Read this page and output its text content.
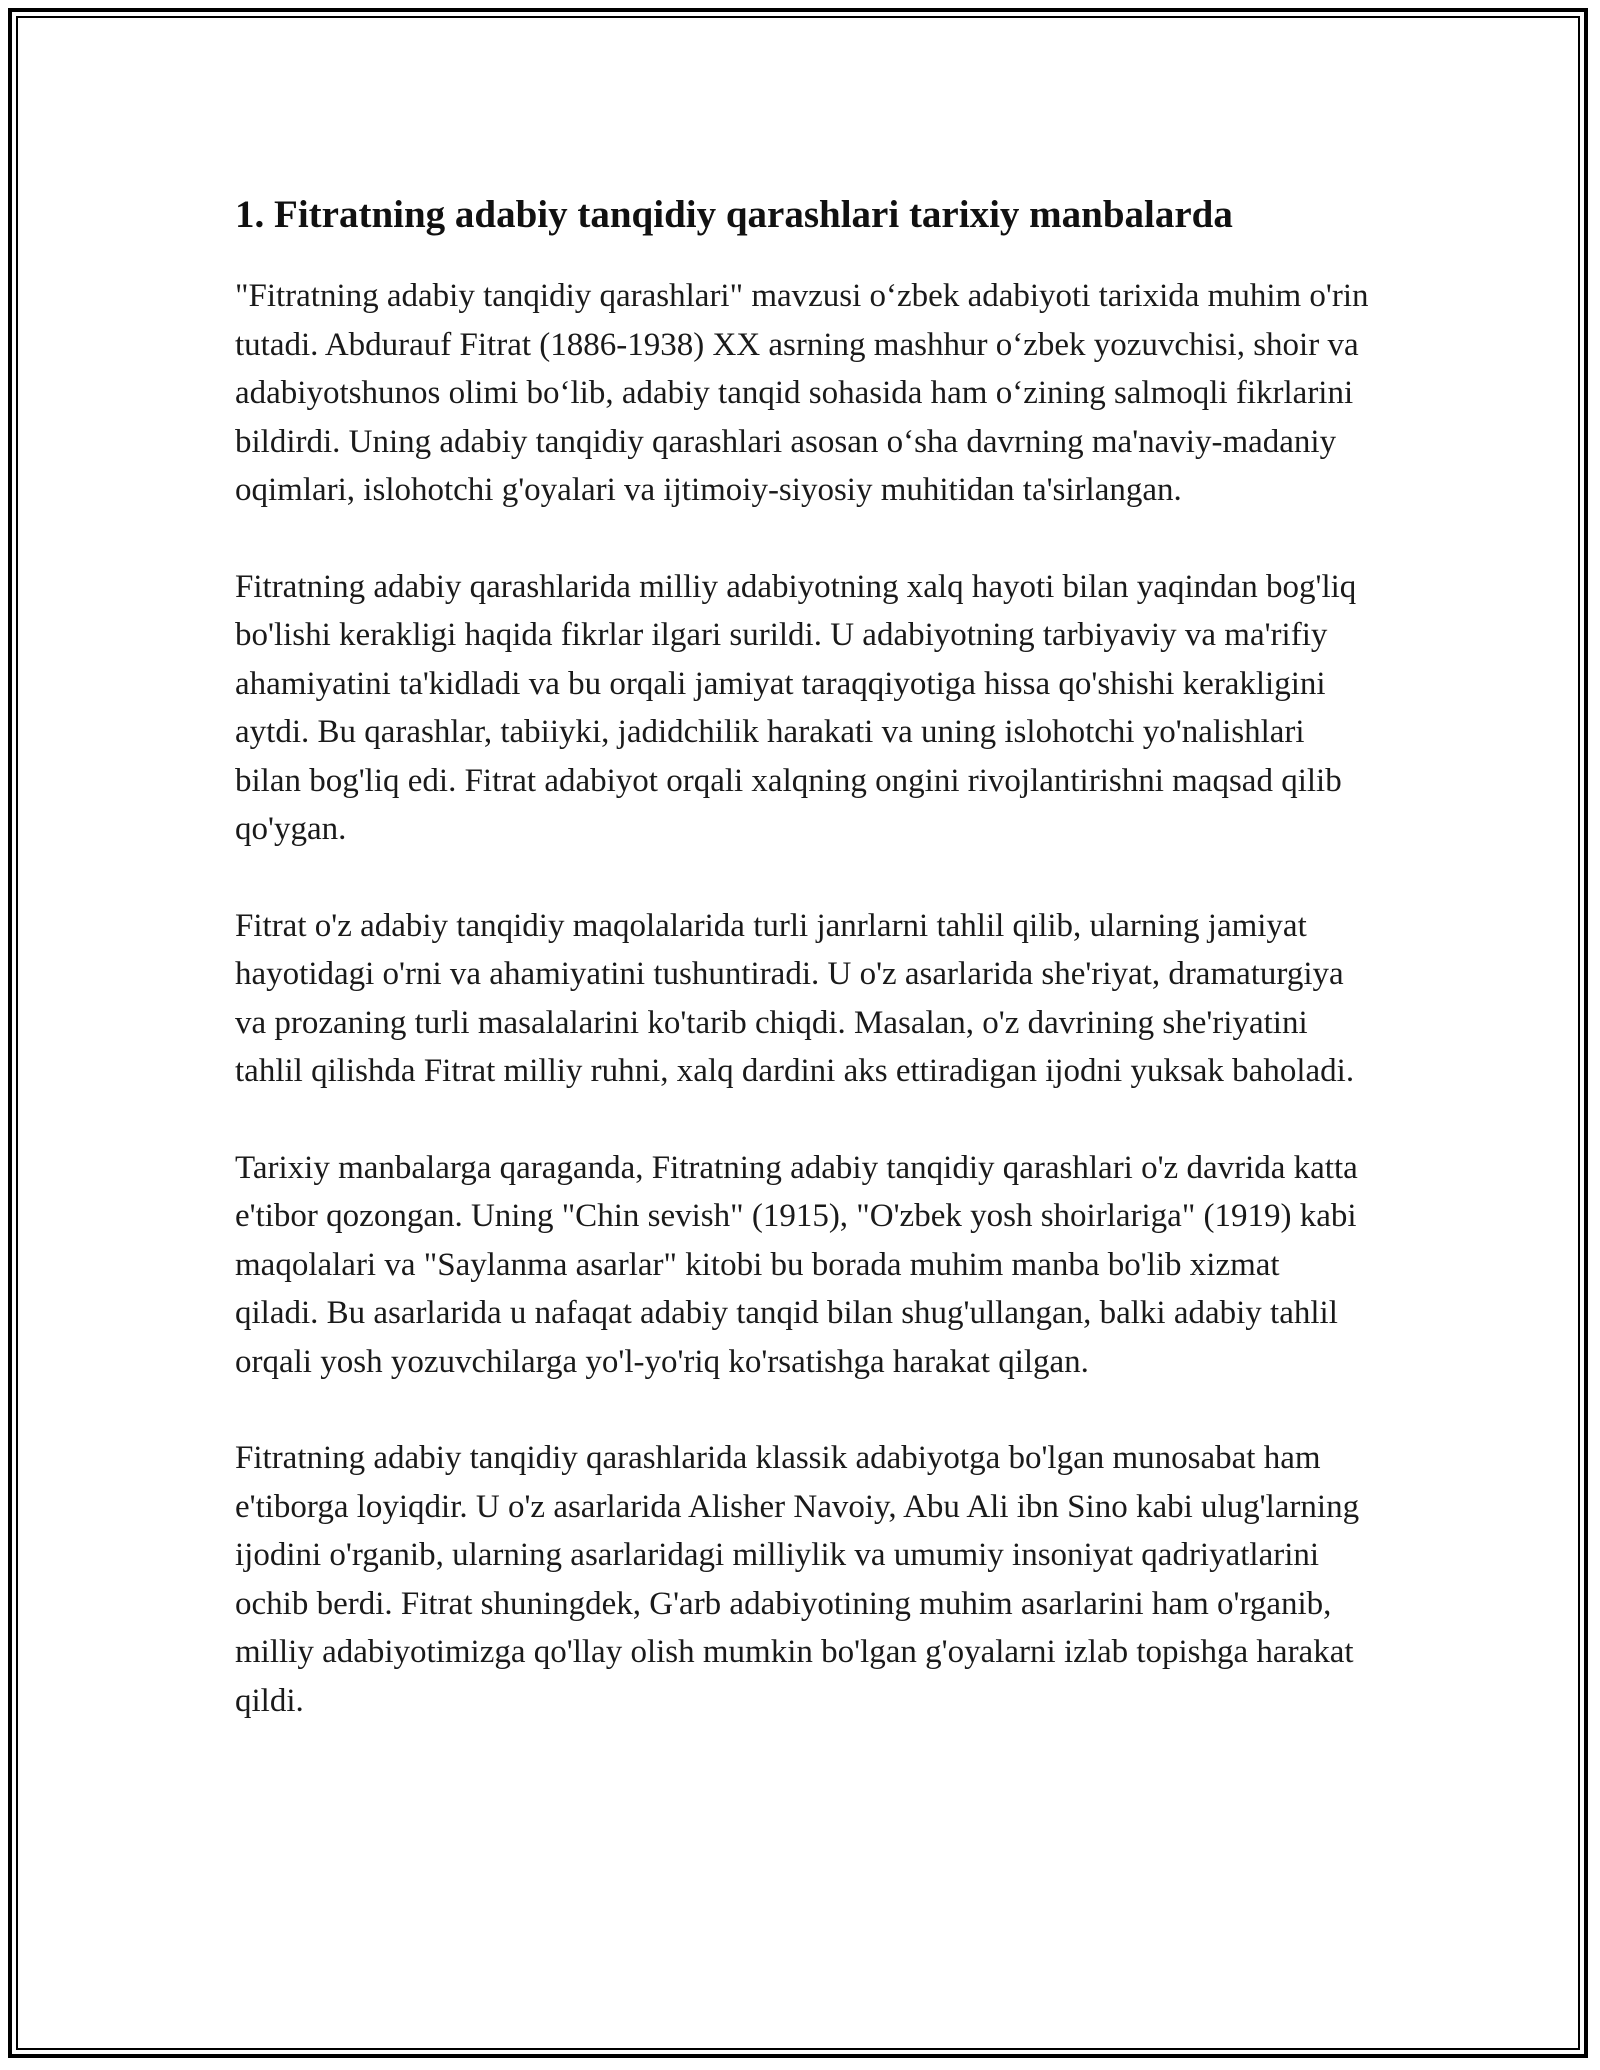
1. Fitratning adabiy tanqidiy qarashlari tarixiy manbalarda

"Fitratning adabiy tanqidiy qarashlari" mavzusi oʻzbek adabiyoti tarixida muhim o'rin tutadi. Abdurauf Fitrat (1886-1938) XX asrning mashhur oʻzbek yozuvchisi, shoir va adabiyotshunos olimi boʻlib, adabiy tanqid sohasida ham oʻzining salmoqli fikrlarini bildirdi. Uning adabiy tanqidiy qarashlari asosan oʻsha davrning ma'naviy-madaniy oqimlari, islohotchi g'oyalari va ijtimoiy-siyosiy muhitidan ta'sirlangan.

Fitratning adabiy qarashlarida milliy adabiyotning xalq hayoti bilan yaqindan bog'liq bo'lishi kerakligi haqida fikrlar ilgari surildi. U adabiyotning tarbiyaviy va ma'rifiy ahamiyatini ta'kidladi va bu orqali jamiyat taraqqiyotiga hissa qo'shishi kerakligini aytdi. Bu qarashlar, tabiiyki, jadidchilik harakati va uning islohotchi yo'nalishlari bilan bog'liq edi. Fitrat adabiyot orqali xalqning ongini rivojlantirishni maqsad qilib qo'ygan.

Fitrat o'z adabiy tanqidiy maqolalarida turli janrlarni tahlil qilib, ularning jamiyat hayotidagi o'rni va ahamiyatini tushuntiradi. U o'z asarlarida she'riyat, dramaturgiya va prozaning turli masalalarini ko'tarib chiqdi. Masalan, o'z davrining she'riyatini tahlil qilishda Fitrat milliy ruhni, xalq dardini aks ettiradigan ijodni yuksak baholadi.

Tarixiy manbalarga qaraganda, Fitratning adabiy tanqidiy qarashlari o'z davrida katta e'tibor qozongan. Uning "Chin sevish" (1915), "O'zbek yosh shoirlariga" (1919) kabi maqolalari va "Saylanma asarlar" kitobi bu borada muhim manba bo'lib xizmat qiladi. Bu asarlarida u nafaqat adabiy tanqid bilan shug'ullangan, balki adabiy tahlil orqali yosh yozuvchilarga yo'l-yo'riq ko'rsatishga harakat qilgan.

Fitratning adabiy tanqidiy qarashlarida klassik adabiyotga bo'lgan munosabat ham e'tiborga loyiqdir. U o'z asarlarida Alisher Navoiy, Abu Ali ibn Sino kabi ulug'larning ijodini o'rganib, ularning asarlaridagi milliylik va umumiy insoniyat qadriyatlarini ochib berdi. Fitrat shuningdek, G'arb adabiyotining muhim asarlarini ham o'rganib, milliy adabiyotimizga qo'llay olish mumkin bo'lgan g'oyalarni izlab topishga harakat qildi.
